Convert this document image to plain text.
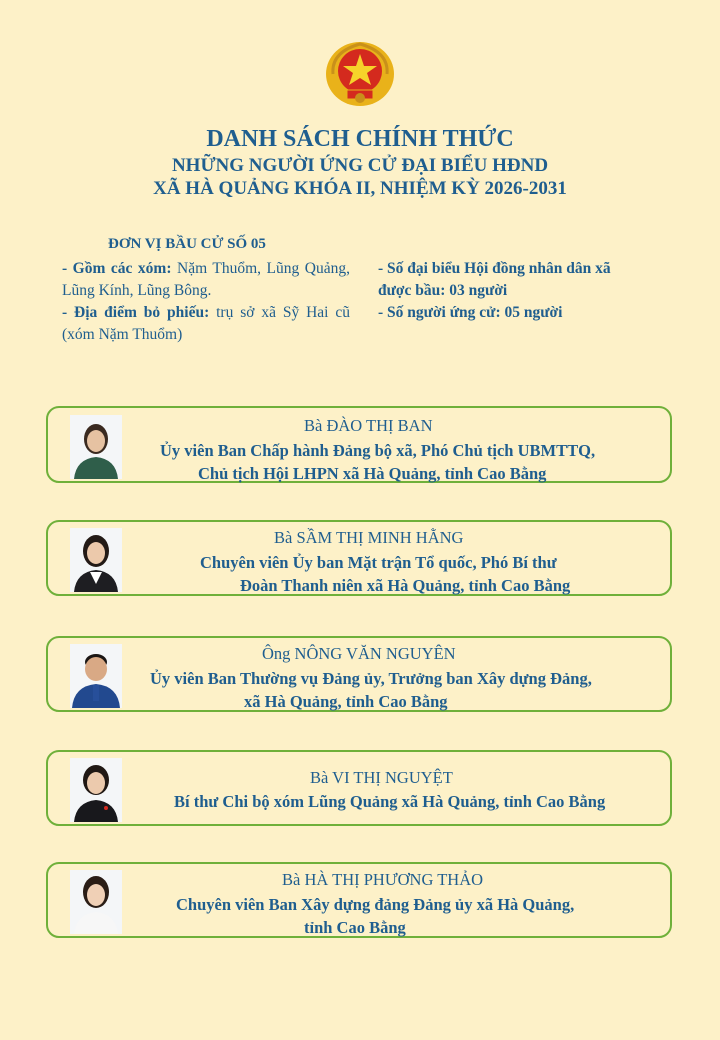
DANH SÁCH CHÍNH THỨC
NHỮNG NGƯỜI ỨNG CỬ ĐẠI BIỂU HĐND
XÃ HÀ QUẢNG KHÓA II, NHIỆM KỲ 2026-2031
ĐƠN VỊ BẦU CỬ SỐ 05
- Gồm các xóm: Nặm Thuổm, Lũng Quảng, Lũng Kính, Lũng Bông.
- Địa điểm bỏ phiếu: trụ sở xã Sỹ Hai cũ (xóm Nặm Thuổm)
- Số đại biểu Hội đồng nhân dân xã
được bầu: 03 người
- Số người ứng cử: 05 người
Bà ĐÀO THỊ BAN
Ủy viên Ban Chấp hành Đảng bộ xã, Phó Chủ tịch UBMTTQ,
Chủ tịch Hội LHPN xã Hà Quảng, tỉnh Cao Bằng
Bà SẦM THỊ MINH HẰNG
Chuyên viên Ủy ban Mặt trận Tổ quốc, Phó Bí thư
Đoàn Thanh niên xã Hà Quảng, tỉnh Cao Bằng
Ông NÔNG VĂN NGUYÊN
Ủy viên Ban Thường vụ Đảng ủy, Trưởng ban Xây dựng Đảng,
xã Hà Quảng, tỉnh Cao Bằng
Bà VI THỊ NGUYỆT
Bí thư Chi bộ xóm Lũng Quảng xã Hà Quảng, tỉnh Cao Bằng
Bà HÀ THỊ PHƯƠNG THẢO
Chuyên viên Ban Xây dựng đảng Đảng ủy xã Hà Quảng,
tỉnh Cao Bằng
